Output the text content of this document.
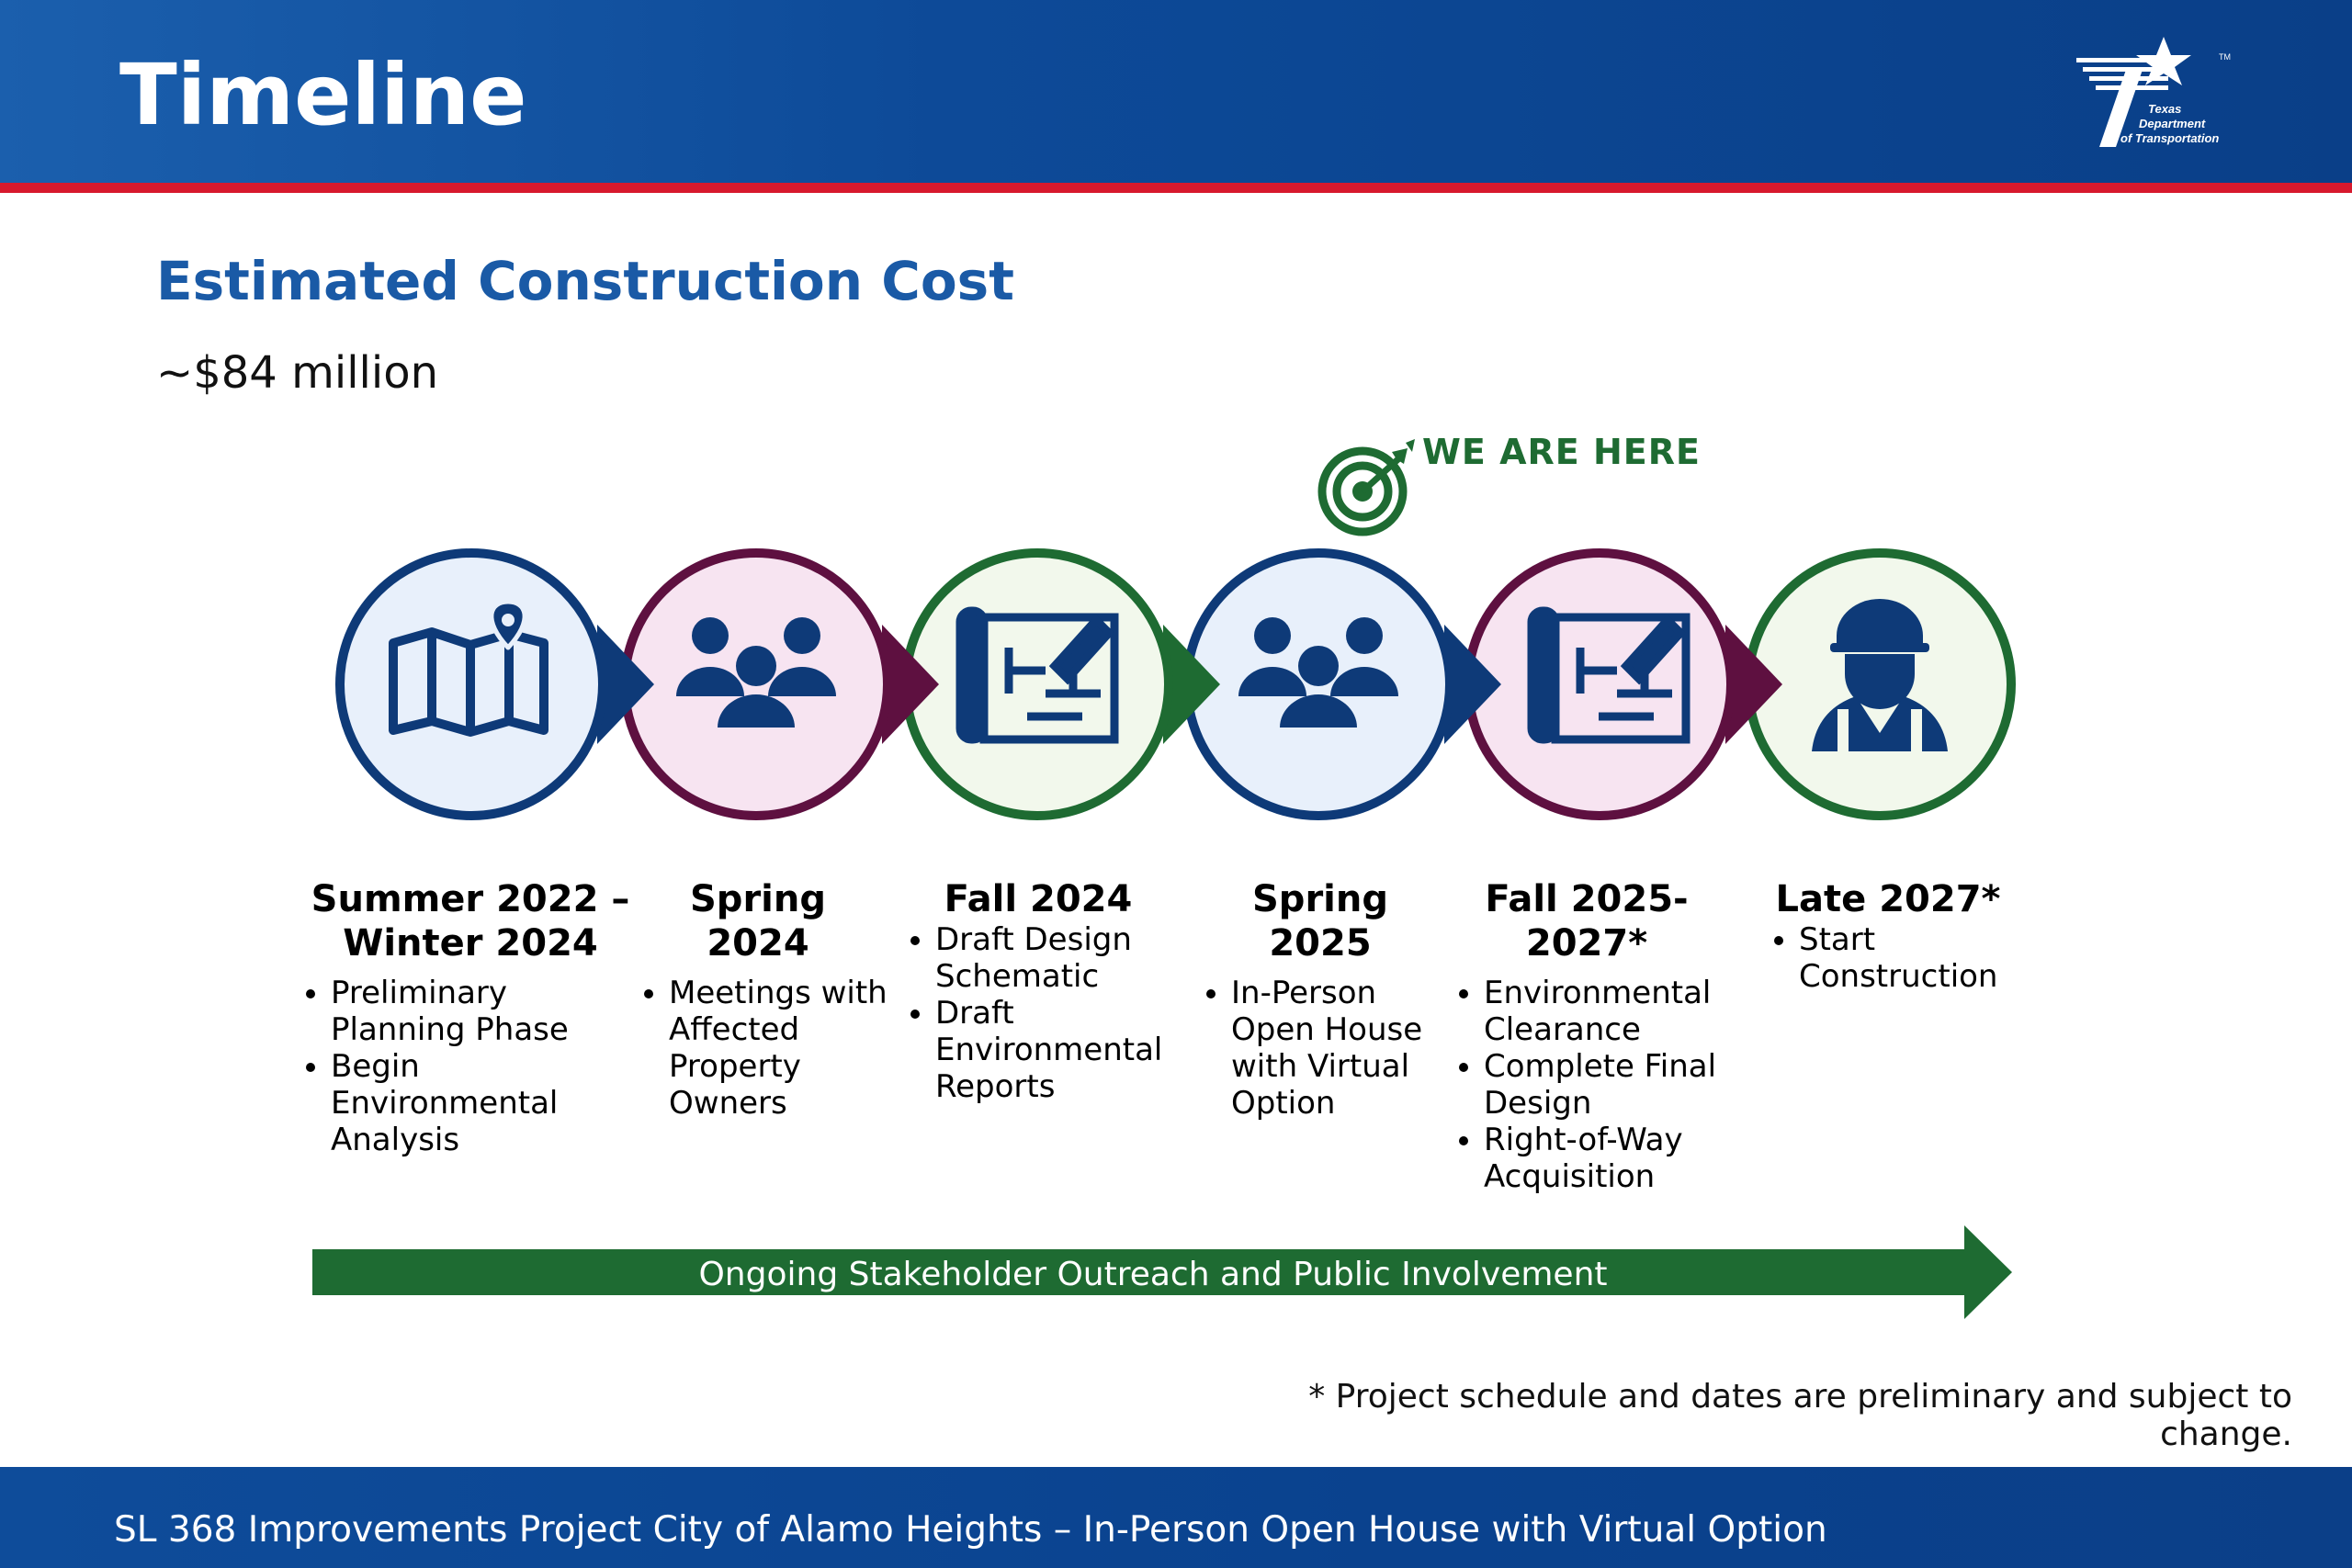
Timeline	Texas
Department
of Transportation
TM
Estimated Construction Cost
~$84 million
WE ARE HERE
Summer 2022 –
Winter 2024
• Preliminary Planning Phase
• Begin Environmental Analysis
Spring
2024
• Meetings with Affected Property Owners
Fall 2024
• Draft Design Schematic
• Draft Environmental Reports
Spring
2025
• In-Person Open House with Virtual Option
Fall 2025-
2027*
• Environmental Clearance
• Complete Final Design
• Right-of-Way Acquisition
Late 2027*
• Start Construction
Ongoing Stakeholder Outreach and Public Involvement
* Project schedule and dates are preliminary and subject to change.
SL 368 Improvements Project City of Alamo Heights – In-Person Open House with Virtual Option
